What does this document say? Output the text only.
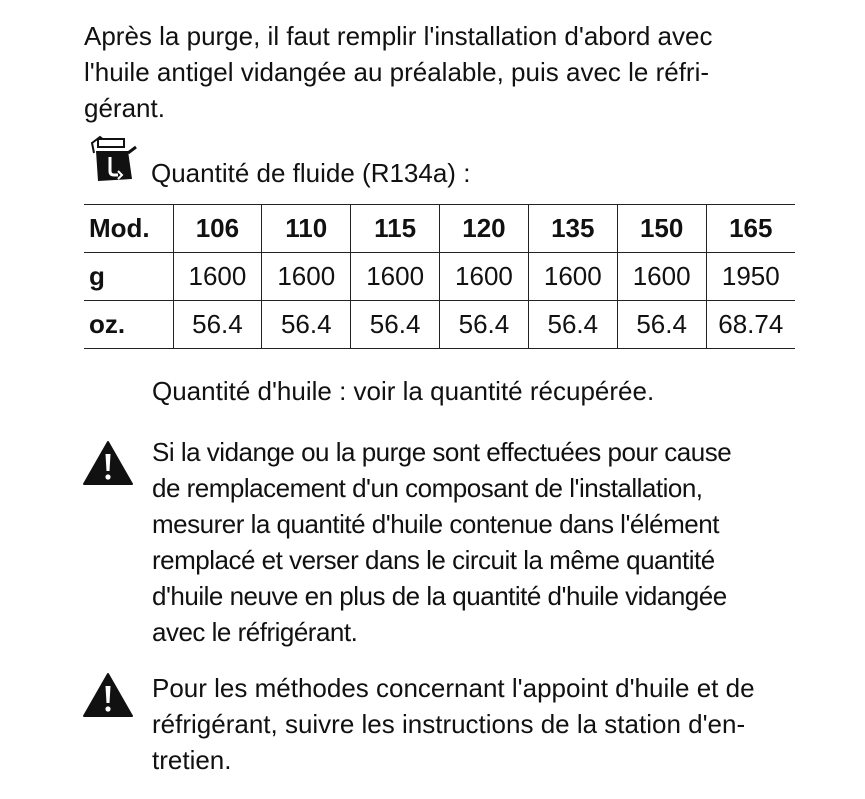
Après la purge, il faut remplir l'installation d'abord avec
l'huile antigel vidangée au préalable, puis avec le réfri-
gérant.
Quantité de fluide (R134a) :
Mod.	106	110	115	120	135	150	165
g	1600	1600	1600	1600	1600	1600	1950
oz.	56.4	56.4	56.4	56.4	56.4	56.4	68.74
Quantité d'huile : voir la quantité récupérée.
Si la vidange ou la purge sont effectuées pour cause
de remplacement d'un composant de l'installation,
mesurer la quantité d'huile contenue dans l'élément
remplacé et verser dans le circuit la même quantité
d'huile neuve en plus de la quantité d'huile vidangée
avec le réfrigérant.
Pour les méthodes concernant l'appoint d'huile et de
réfrigérant, suivre les instructions de la station d'en-
tretien.
